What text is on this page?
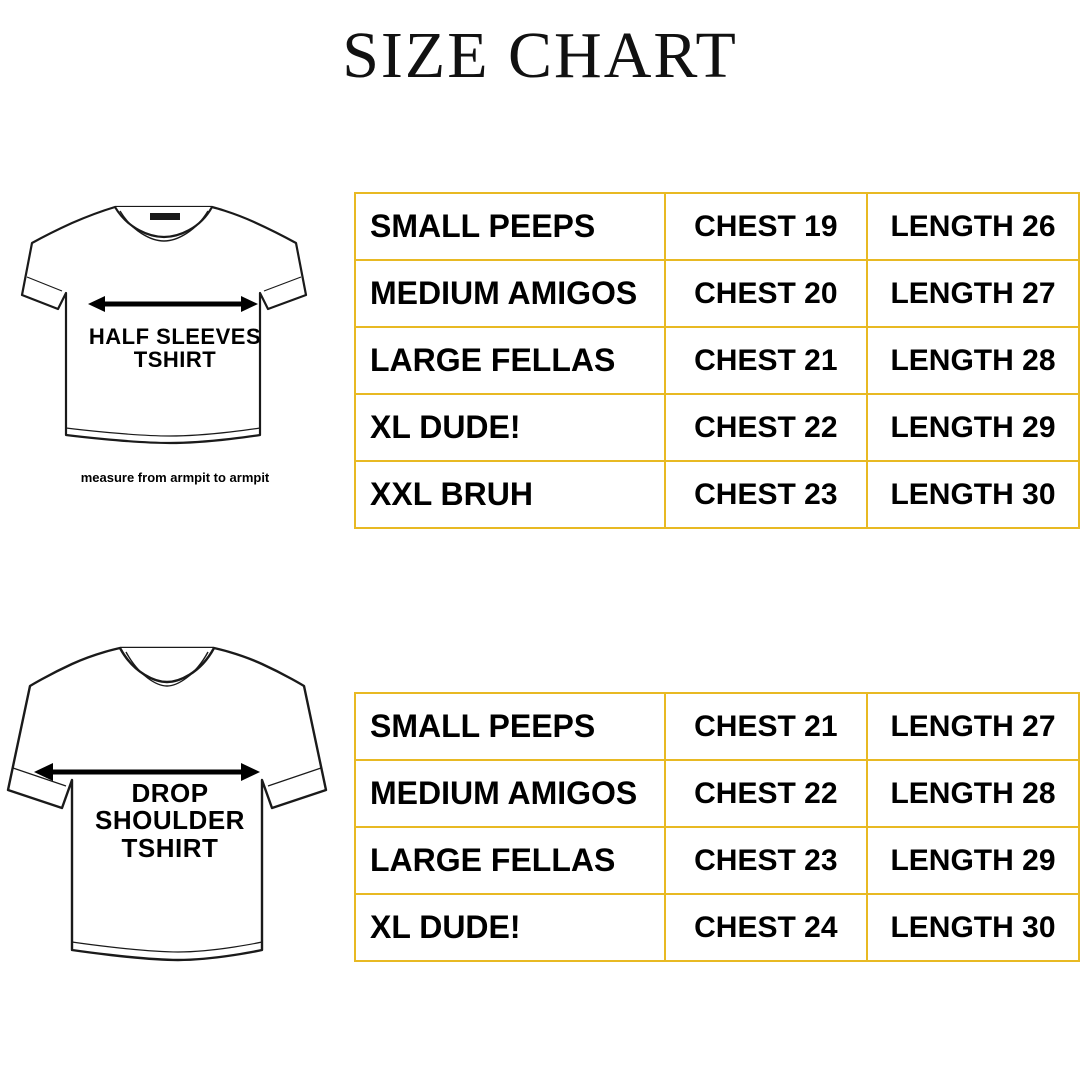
SIZE CHART
HALF SLEEVES
TSHIRT
measure from armpit to armpit
SMALL PEEPS	CHEST 19	LENGTH 26
MEDIUM AMIGOS	CHEST 20	LENGTH 27
LARGE FELLAS	CHEST 21	LENGTH 28
XL DUDE!	CHEST 22	LENGTH 29
XXL BRUH	CHEST 23	LENGTH 30
DROP
SHOULDER
TSHIRT
SMALL PEEPS	CHEST 21	LENGTH 27
MEDIUM AMIGOS	CHEST 22	LENGTH 28
LARGE FELLAS	CHEST 23	LENGTH 29
XL DUDE!	CHEST 24	LENGTH 30
